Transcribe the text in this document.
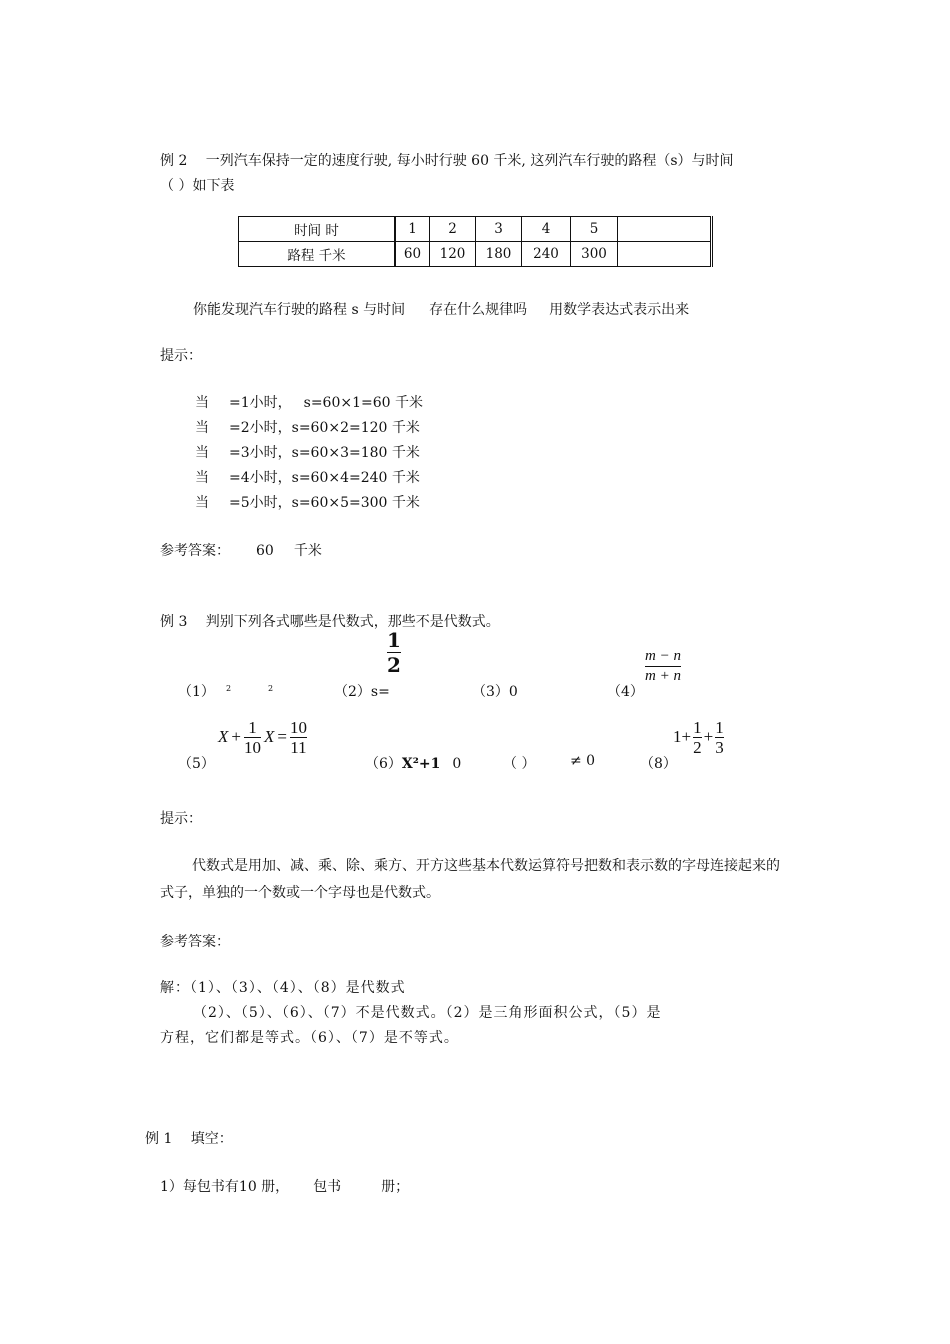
例 2　 一列汽车保持一定的速度行驶, 每小时行驶 60 千米, 这列汽车行驶的路程（s）与时间
（ ）如下表
时间 时	1	2	3	4	5	
路程 千米	60	120	180	240	300	
你能发现汽车行驶的路程 s 与时间 存在什么规律吗 用数学表达式表示出来
提示：
当 =1小时， s=60×1=60 千米
当 =2小时，s=60×2=120 千米
当 =3小时，s=60×3=180 千米
当 =4小时，s=60×4=240 千米
当 =5小时，s=60×5=300 千米
参考答案： 60 千米
例 3　 判别下列各式哪些是代数式，那些不是代数式。
（1） 2	2	（2）s=
1
2
（3）0	（4）
m − n
m + n
（5）
X + 1
10
X = 10
11
（6）X²+1 0	（ ） ≠ 0	（8）
1+ 1
2
+ 1
3
提示：
代数式是用加、减、乘、除、乘方、开方这些基本代数运算符号把数和表示数的字母连接起来的式子，单独的一个数或一个字母也是代数式。
参考答案：
解：（1）、（3）、（4）、（8）是代数式
（2）、（5）、（6）、（7）不是代数式。（2）是三角形面积公式，（5）是
方程，它们都是等式。（6）、（7）是不等式。
例 1　 填空：
1）每包书有10 册， 包书	册；
